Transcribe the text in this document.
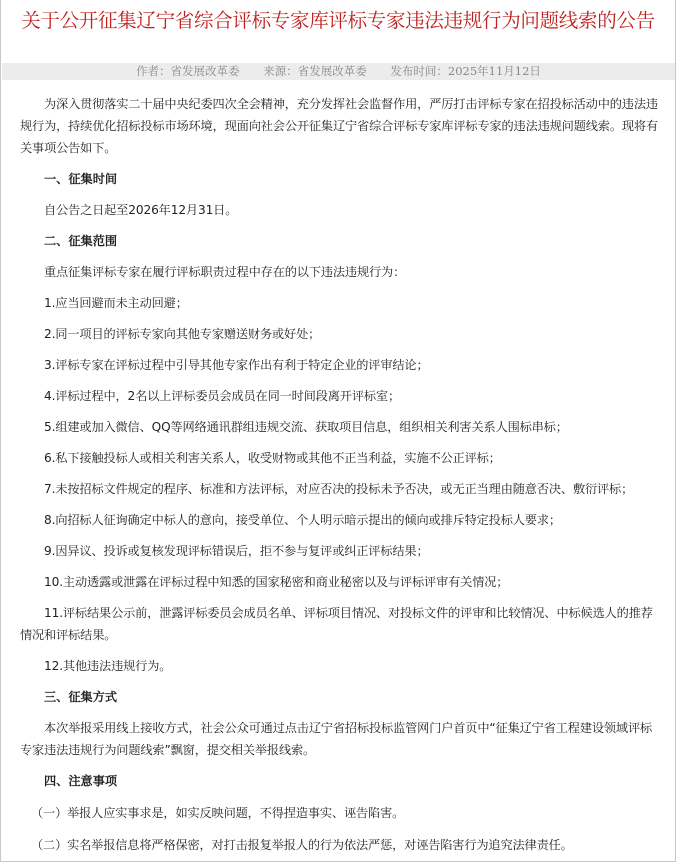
关于公开征集辽宁省综合评标专家库评标专家违法违规行为问题线索的公告
作者：省发展改革委 来源：省发展改革委 发布时间：2025年11月12日

为深入贯彻落实二十届中央纪委四次全会精神，充分发挥社会监督作用，严厉打击评标专家在招投标活动中的违法违规行为，持续优化招标投标市场环境，现面向社会公开征集辽宁省综合评标专家库评标专家的违法违规问题线索。现将有关事项公告如下。

一、征集时间

自公告之日起至2026年12月31日。

二、征集范围

重点征集评标专家在履行评标职责过程中存在的以下违法违规行为：

1.应当回避而未主动回避；

2.同一项目的评标专家向其他专家赠送财务或好处；

3.评标专家在评标过程中引导其他专家作出有利于特定企业的评审结论；

4.评标过程中，2名以上评标委员会成员在同一时间段离开评标室；

5.组建或加入微信、QQ等网络通讯群组违规交流、获取项目信息，组织相关利害关系人围标串标；

6.私下接触投标人或相关利害关系人，收受财物或其他不正当利益，实施不公正评标；

7.未按招标文件规定的程序、标准和方法评标，对应否决的投标未予否决，或无正当理由随意否决、敷衍评标；

8.向招标人征询确定中标人的意向，接受单位、个人明示暗示提出的倾向或排斥特定投标人要求；

9.因异议、投诉或复核发现评标错误后，拒不参与复评或纠正评标结果；

10.主动透露或泄露在评标过程中知悉的国家秘密和商业秘密以及与评标评审有关情况；

11.评标结果公示前，泄露评标委员会成员名单、评标项目情况、对投标文件的评审和比较情况、中标候选人的推荐情况和评标结果。

12.其他违法违规行为。

三、征集方式

本次举报采用线上接收方式，社会公众可通过点击辽宁省招标投标监管网门户首页中“征集辽宁省工程建设领域评标专家违法违规行为问题线索”飘窗，提交相关举报线索。

四、注意事项

（一）举报人应实事求是，如实反映问题，不得捏造事实、诬告陷害。

（二）实名举报信息将严格保密，对打击报复举报人的行为依法严惩，对诬告陷害行为追究法律责任。
